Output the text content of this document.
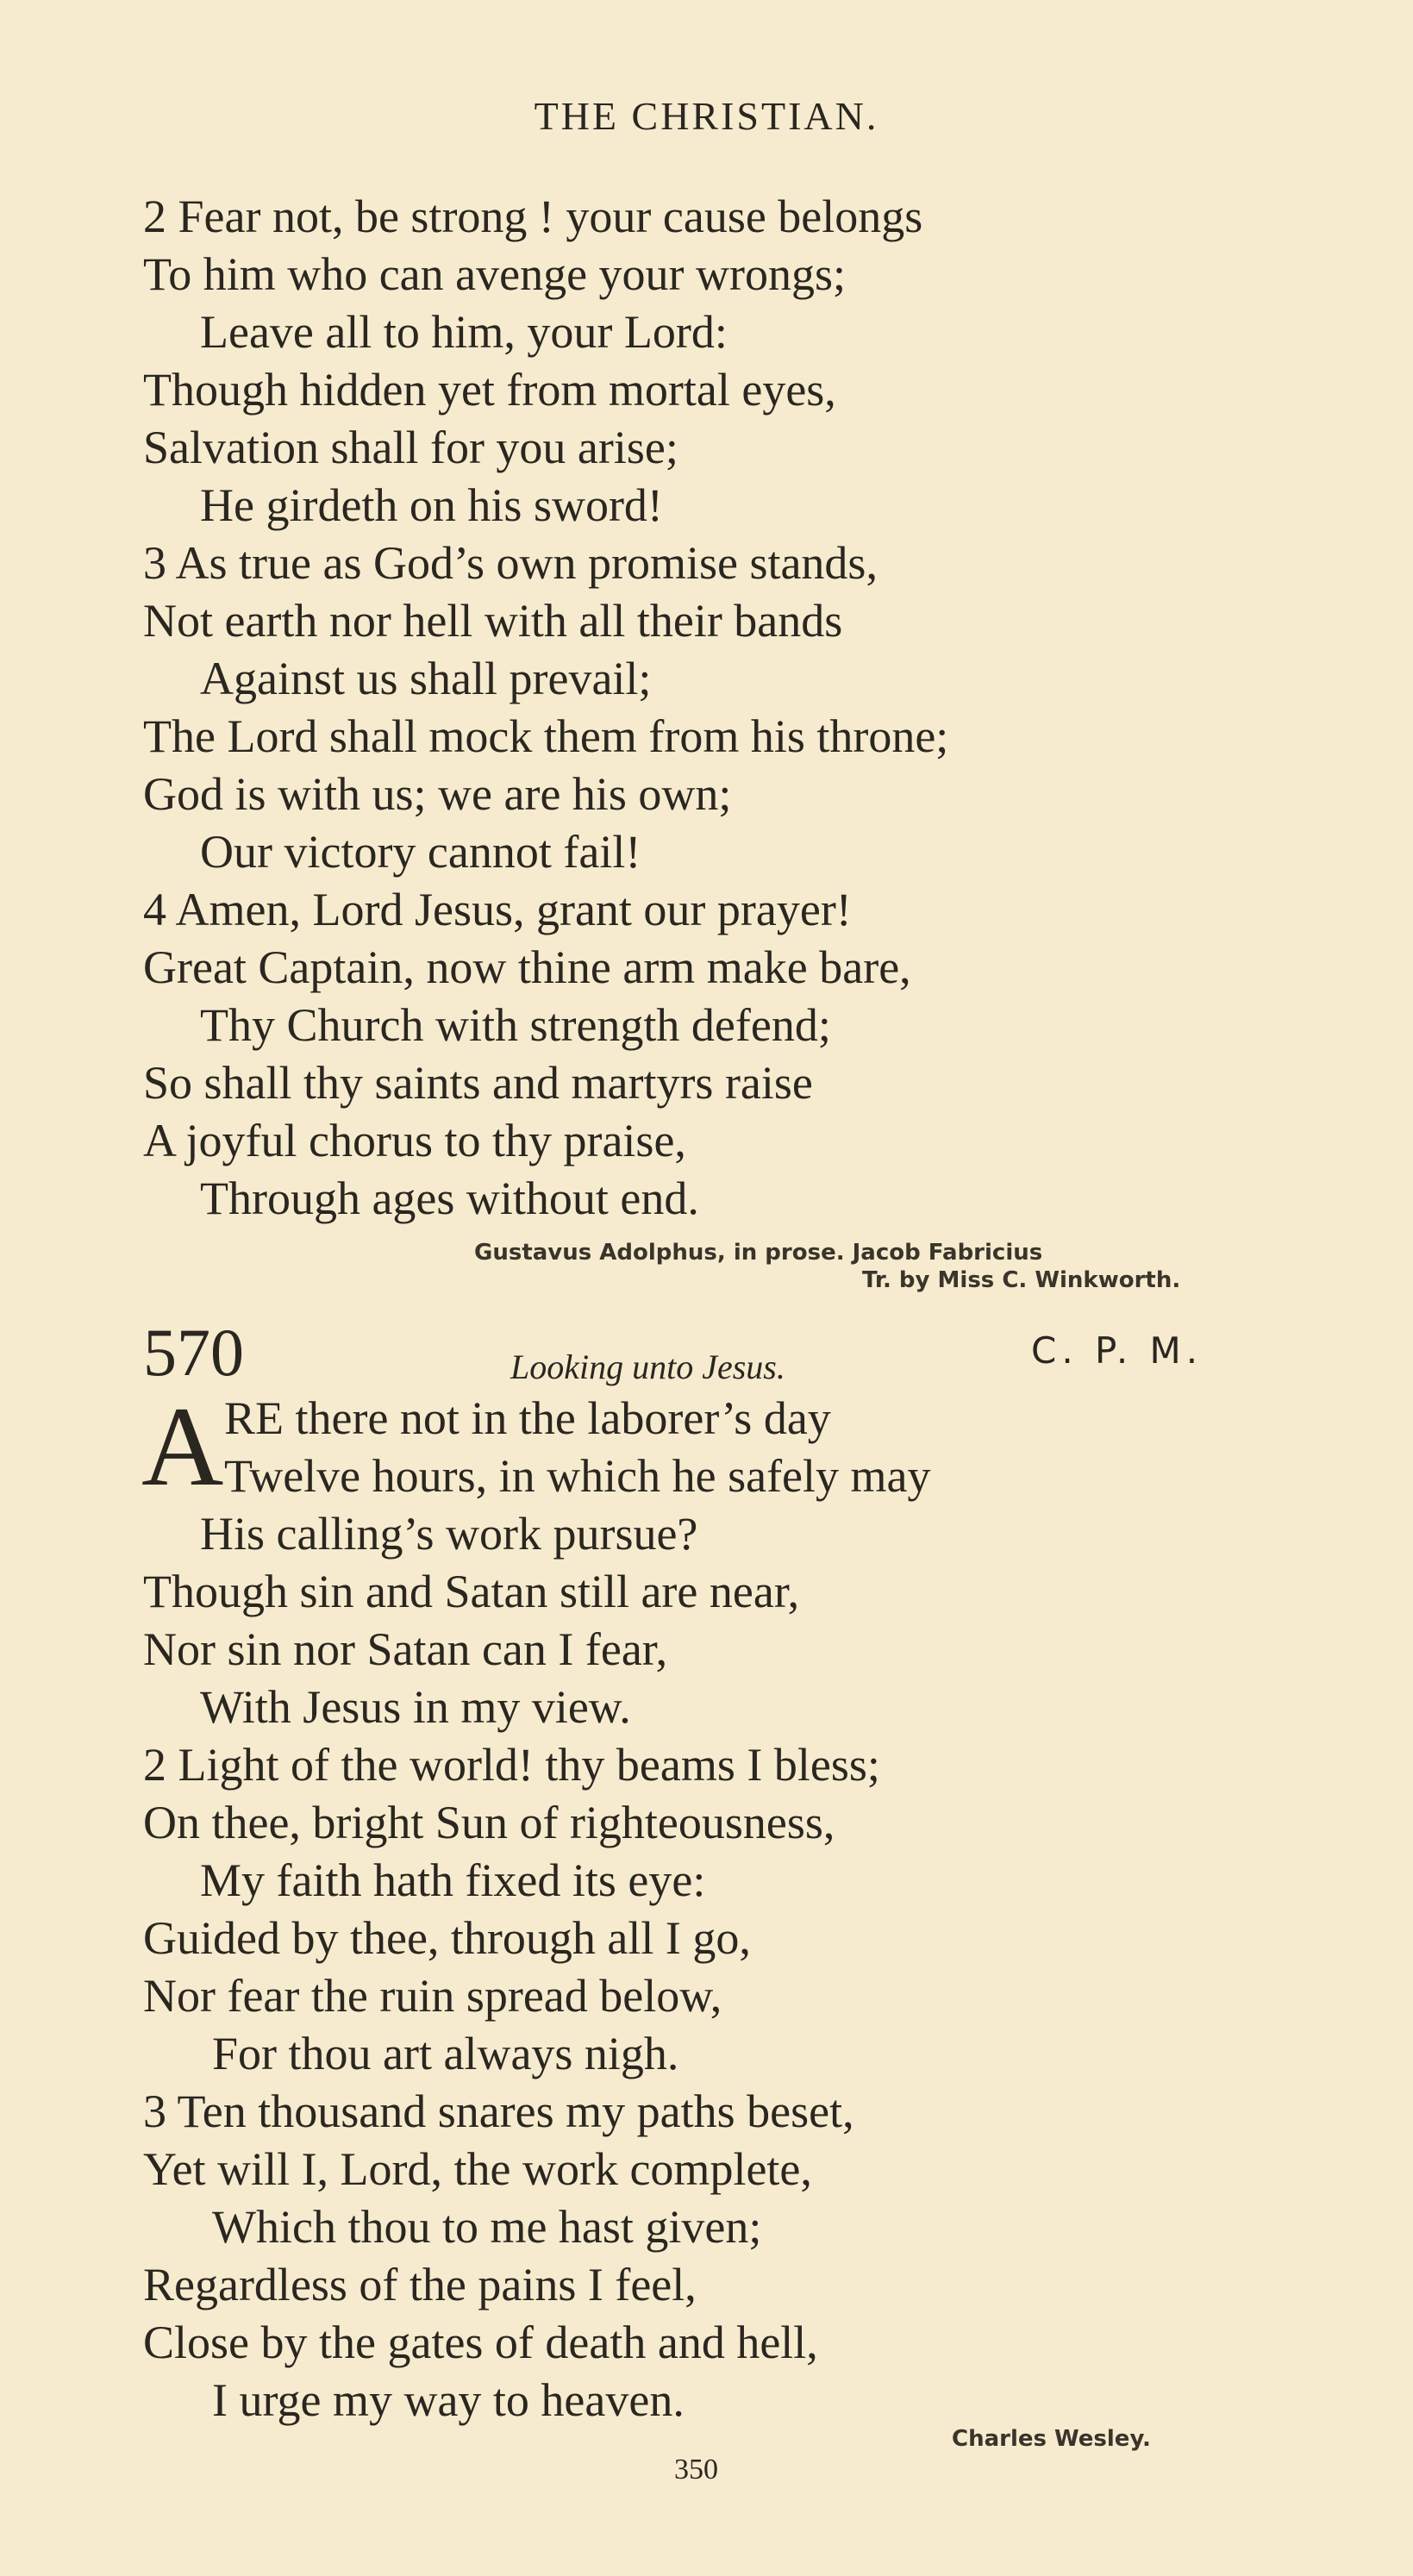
THE CHRISTIAN.
2 Fear not, be strong ! your cause belongs
To him who can avenge your wrongs;
Leave all to him, your Lord:
Though hidden yet from mortal eyes,
Salvation shall for you arise;
He girdeth on his sword!
3 As true as God’s own promise stands,
Not earth nor hell with all their bands
Against us shall prevail;
The Lord shall mock them from his throne;
God is with us; we are his own;
Our victory cannot fail!
4 Amen, Lord Jesus, grant our prayer!
Great Captain, now thine arm make bare,
Thy Church with strength defend;
So shall thy saints and martyrs raise
A joyful chorus to thy praise,
Through ages without end.
Gustavus Adolphus, in prose. Jacob Fabricius
Tr. by Miss C. Winkworth.
570	Looking unto Jesus.	C. P. M.
A RE there not in the laborer’s day
Twelve hours, in which he safely may
His calling’s work pursue?
Though sin and Satan still are near,
Nor sin nor Satan can I fear,
With Jesus in my view.
2 Light of the world! thy beams I bless;
On thee, bright Sun of righteousness,
My faith hath fixed its eye:
Guided by thee, through all I go,
Nor fear the ruin spread below,
For thou art always nigh.
3 Ten thousand snares my paths beset,
Yet will I, Lord, the work complete,
Which thou to me hast given;
Regardless of the pains I feel,
Close by the gates of death and hell,
I urge my way to heaven.
Charles Wesley.
350
